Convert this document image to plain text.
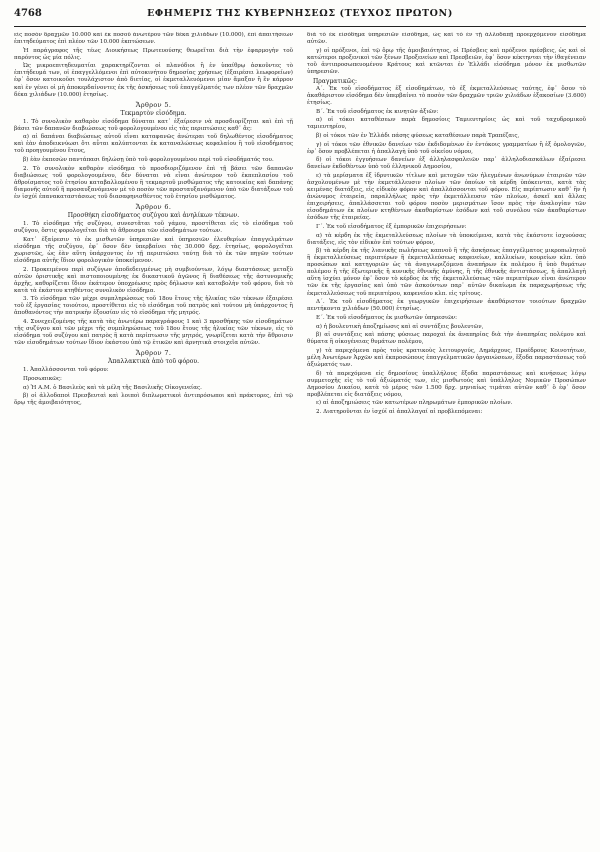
4768	ΕΦΗΜΕΡΙΣ ΤΗΣ ΚΥΒΕΡΝΗΣΕΩΣ (ΤΕΥΧΟΣ ΠΡΩΤΟΝ)

εἰς ποσὸν δραχμῶν 10.000 καὶ ἐκ ποσοῦ ἀνωτέρου τῶν δέκα χιλιάδων (10.000), ἐπὶ ἀπαιτήσεων ἐπιτηδεύματος ἐπὶ πλέον τῶν 10.000 ἐκπτώσεων.

Ἡ παράγραφος τῆς τέως Διοικήσεως Πρωτευούσης θεωρεῖται διὰ τὴν ἐφαρμογὴν τοῦ παρόντος ὡς μία πόλις.

Ὡς μικροεπιτηδευματίαι χαρακτηρίζονται οἱ πλανόδιοι ἢ ἐν ὑπαίθρῳ ἀσκοῦντες τὸ ἐπιτήδευμά των, οἱ ἐπαγγελλόμενοι ἐπὶ αὐτοκινήτου δημοσίας χρήσεως (ἐξαιρέσει λεωφορείων) ἐφ᾽ ὅσον κατοικοῦσι τουλάχιστον ἀπὸ διετίας, οἱ ἐκμεταλλευόμενοι μίαν ἄμαξαν ἢ ἓν κάρρον καὶ ἐν γένει οἱ μὴ ἀποκερδαίνοντες ἐκ τῆς ἀσκήσεως τοῦ ἐπαγγέλματός των πλέον τῶν δραχμῶν δέκα χιλιάδων (10.000) ἐτησίως.

Ἄρθρον 5.

Τεκμαρτὸν εἰσόδημα.

1. Τὸ συνολικὸν καθαρὸν εἰσόδημα δύναται κατ᾽ ἐξαίρεσιν νὰ προσδιορίζηται καὶ ἐπὶ τῇ βάσει τῶν δαπανῶν διαβιώσεως τοῦ φορολογουμένου εἰς τὰς περιπτώσεις καθ᾽ ἅς:

α) αἱ δαπάναι διαβιώσεως αὐτοῦ εἶναι καταφανῶς ἀνώτεραι τοῦ δηλωθέντος εἰσοδήματος καὶ ἐὰν ἀποδεικνύωσι ὅτι αὗται καλύπτονται ἐκ καταναλώσεως κεφαλαίου ἢ τοῦ εἰσοδήματος τοῦ προηγουμένου ἔτους,

β) ἐὰν ἐκπεσὼν παντάπασι δηλώσῃ ὑπὸ τοῦ φορολογουμένου περὶ τοῦ εἰσοδήματός του.

2. Τὸ συνολικὸν καθαρὸν εἰσόδημα τὸ προσδιοριζόμενον ἐπὶ τῇ βάσει τῶν δαπανῶν διαβιώσεως τοῦ φορολογουμένου, δὲν δύναται νὰ εἶναι ἀνώτερον τοῦ ἐκπεπλασίου τοῦ ἀθροίσματος τοῦ ἐτησίου καταβαλλομένου ἢ τεκμαρτοῦ μισθώματος τῆς κατοικίας καὶ δαπάνης διαμονῆς αὐτοῦ ἢ προσαυξανόμενον μὲ τὸ ποσὸν τῶν προσταυξανόμενον ὑπὸ τῶν διατάξεων τοῦ ἐν ἰσχύϊ ἐπανακαταστάσεως τοῦ διασαφηνισθέντος τοῦ ἐτησίου μισθώματος.

Ἄρθρον 6.

Προσθήκη εἰσοδήματος συζύγου καὶ ἀνηλίκων τέκνων.

1. Τὸ εἰσόδημα τῆς συζύγου, συνεστᾶται τοῦ γάμου, προστίθεται εἰς τὸ εἰσόδημα τοῦ συζύγου, ὅστις φορολογεῖται διὰ τὸ ἄθροισμα τῶν εἰσοδημάτων τούτων.

Κατ᾽ ἐξαίρεσιν τὸ ἐκ μισθωτῶν ὑπηρεσιῶν καὶ ὑπηρεσιῶν ἐλευθερίων ἐπαγγελμάτων εἰσόδημα τῆς συζύγου, ἐφ᾽ ὅσον δὲν ὑπερβαίνει τὰς 30.000 δρχ. ἐτησίως, φορολογεῖται χωριστῶς, ὡς ἐὰν αὕτη ὑπάρχοντος ἐν τῇ περιπτώσει ταύτῃ διὰ τὸ ἐκ τῶν πηγῶν τούτων εἰσόδημα αὐτῆς ἴδιον φορολογικὸν ὑποκείμενον.

2. Προκειμένου περὶ συζύγων ἀποδεδειγμένως μὴ συμβιούντων, λόγῳ διαστάσεως μεταξὺ αὐτῶν ὁριστικῆς καὶ πιστοποιουμένης ἐκ δικαστικοῦ ἀγῶνος ἢ διαθέσεως τῆς ἀστυνομικῆς ἀρχῆς, καθορίζεται ἴδιον ἑκάτερον ὑποχρέωσις πρὸς δήλωσιν καὶ καταβολὴν τοῦ φόρου, διὰ τὸ κατὰ τὰ ἐκάστου κτηθέντος συνολικὸν εἰσόδημα.

3. Τὸ εἰσόδημα τῶν μέχρι συμπληρώσεως τοῦ 18ου ἔτους τῆς ἡλικίας τῶν τέκνων ἐξαιρέσει τοῦ ἐξ ἐργασίας τοιούτου, προστίθεται εἰς τὸ εἰσόδημα τοῦ πατρὸς καὶ τούτου μὴ ὑπάρχοντος ἢ ἀποθανόντος τὴν πατρικὴν ἐξουσίαν εἰς τὸ εἰσόδημα τῆς μητρός.

4. Συνεχειζομένης τῆς κατὰ τὰς ἀνωτέρω παραγράφους 1 καὶ 3 προσθήκης τῶν εἰσοδημάτων τῆς συζύγου καὶ τῶν μέχρι τῆς συμπληρώσεως τοῦ 18ου ἔτους τῆς ἡλικίας τῶν τέκνων, εἰς τὸ εἰσόδημα τοῦ συζύγου καὶ πατρὸς ἢ κατὰ περίπτωσιν τῆς μητρός, γνωρίζεται κατὰ τὴν ἄθροισιν τῶν εἰσοδημάτων τούτων ἴδιον ἑκάστου ὑπὸ τῷ ἑτικῶν καὶ ἀρνητικὰ στοιχεῖα αὐτῶν.

Ἄρθρον 7.

Ἀπαλλακτικὰ ἀπὸ τοῦ φόρου.

1. Ἀπαλλάσσονται τοῦ φόρου:

Προσωπικῶς:

α) Ἡ Α.Μ. ὁ Βασιλεὺς καὶ τὰ μέλη τῆς Βασιλικῆς Οἰκογενείας.

β) οἱ ἀλλοδαποὶ Πρεσβευταὶ καὶ λοιποὶ διπλωματικοὶ ἀντιπρόσωποι καὶ πράκτορες, ἐπὶ τῷ ὅρῳ τῆς ἀμοιβαιότητος,

διὰ τὸ ἐκ εἰσόδημα ὑπηρεσιῶν εἰσόδημα, ὡς καὶ τὸ ἐν τῇ ἀλλοδαπῇ προερχόμενον εἰσόδημα αὐτῶν.

γ) οἱ πρόξενοι, ἐπὶ τῷ ὅρῳ τῆς ἀμοιβαιότητος, οἱ Πρέσβεις καὶ πρόξενοι πρέσβεις, ὡς καὶ οἱ κατώτεροι προξενικοὶ τῶν ξένων Προξενείων καὶ Πρεσβειῶν, ἐφ᾽ ὅσον κέκτηνται τὴν ἰθαγένειαν τοῦ ἀντιπροσωπευομένου Κράτους καὶ κτῶνται ἐν Ἑλλάδι εἰσόδημα μόνον ἐκ μισθωτῶν ὑπηρεσιῶν.

Πραγματικῶς:

Α΄. Ἐκ τοῦ εἰσοδήματος ἐξ εἰσοδημάτων, τὸ ἐξ ἐκμεταλλεύσεως ταύτης, ἐφ᾽ ὅσον τὸ ἀκαθάριστον εἰσόδημα δὲν ὑπερβαίνει τὸ ποσὸν τῶν δραχμῶν τριῶν χιλιάδων ἑξακοσίων (3.600) ἐτησίως.

Β΄. Ἐκ τοῦ εἰσοδήματος ἐκ κινητῶν ἀξιῶν:

α) οἱ τόκοι καταθέσεων παρὰ δημοσίοις Ταμιευτηρίοις ὡς καὶ τοῦ ταχυδρομικοῦ ταμιευτηρίου,

β) οἱ τόκοι τῶν ἐν Ἑλλάδι πάσης φύσεως καταθέσεων παρὰ Τραπέζαις,

γ) οἱ τόκοι τῶν ἐθνικῶν δανείων τῶν ἐκδιδομένων ἐν ἐντόκοις γραμματίων ἢ ἐξ ὁμολογιῶν, ἐφ᾽ ὅσον προβλέπεται ἡ ἀπαλλαγὴ ὑπὸ τοῦ οἰκείου νόμου,

δ) οἱ τόκοι ἐγγυήσεων δανείων ἐξ ἀλληλασφαλειῶν παρ᾽ ἀλληλοδιασκάλων ἐξαίρεσει δανείων ἐκδοθέντων ὑπὸ τοῦ ἐλληνικοῦ Δημοσίου,

ε) τὰ μερίσματα ἐξ ἰδρυτικῶν τίτλων καὶ μετοχῶν τῶν ἠλεγμένων ἀνωνύμων ἑταιριῶν τῶν ἀσχολουμένων μὲ τὴν ἐκμετάλλευσιν πλοίων τῶν ὁποίων τὰ κέρδη ὑπόκεινται, κατὰ τὰς κειμένας διατάξεις, εἰς εἰδικὸν φόρον καὶ ἀπαλλάσσονται τοῦ φόρου. Εἰς περίπτωσιν καθ᾽ ἣν ἡ ἀνώνυμος ἑταιρεία, παραλλήλως πρὸς τὴν ἐκμετάλλευσιν τῶν πλοίων, ἀσκεῖ καὶ ἄλλας ἐπιχειρήσεις, ἀπαλλάσσεται τοῦ φόρου ποσὸν μερισμάτων ἴσον πρὸς τὴν ἀναλογίαν τῶν εἰσοδημάτων ἐκ πλοίων κτηθέντων ἀκαθαρίστων ἐσόδων καὶ τοῦ συνόλου τῶν ἀκαθαρίστων ἐσόδων τῆς ἑταιρείας.

Γ΄. Ἐκ τοῦ εἰσοδήματος ἐξ ἐμπορικῶν ἐπιχειρήσεων:

α) τὰ κέρδη ἐκ τῆς ἐκμεταλλεύσεως πλοίων τὰ ὑποκείμενα, κατὰ τὰς ἐκάστοτε ἰσχυούσας διατάξεις, εἰς τὸν εἰδικὸν ἐπὶ τούτων φόρον,

β) τὰ κέρδη ἐκ τῆς λιανικῆς πωλήσεως καπνοῦ ἢ τῆς ἀσκήσεως ἐπαγγέλματος μικροπωλητοῦ ἢ ἐκμεταλλεύσεως περιπτέρων ἢ ἐκμεταλλεύσεως καφενείων, καλλικίων, κουρείων κλπ. ὑπὸ προσώπων καὶ κατηγοριῶν ὡς τὰ ἀναγνωριζόμενα ἀναπήρων ἐκ πολέμου ἢ ὑπὸ θυμάτων πολέμου ἢ τῆς ἐξωτερικῆς ἢ κυνικῆς ἐθνικῆς ἀμύνης, ἢ τῆς ἐθνικῆς ἀντιστάσεως, ἡ ἀπαλλαγὴ αὕτη ἰσχύει μόνον ἐφ᾽ ὅσον τὸ κέρδος ἐκ τῆς ἐκμεταλλεύσεως τῶν περιπτέρων εἶναι ἀνώτερον τῶν ἐκ τῆς ἐργασίας καὶ ὑπὸ τῶν ἀσκούντων παρ᾽ αὐτῶν δικαίωμα ἐκ παραχωρήσεως τῆς ἐκμεταλλεύσεως τοῦ περιπτέρου, καφενείου κλπ. εἰς τρίτους.

Δ΄. Ἐκ τοῦ εἰσοδήματος ἐκ γεωργικῶν ἐπιχειρήσεων ἀκαθάριστον τοιούτων δραχμῶν πεντήκοντα χιλιάδων (50.000) ἐτησίως.

Ε΄. Ἐκ τοῦ εἰσοδήματος ἐκ μισθωτῶν ὑπηρεσιῶν:

α) ἡ βουλευτικὴ ἀποζημίωσις καὶ αἱ συντάξεις βουλευτῶν,

β) αἱ συντάξεις καὶ πάσης φύσεως παροχαὶ ἐκ ἀναπηρίας διὰ τὴν ἀναπηρίας πολέμου καὶ θύματα ἢ οἰκογένειας θυμάτων πολέμου,

γ) τὰ παρεχόμενα πρὸς τοὺς κρατικοὺς λειτουργούς, Δημάρχους, Προέδρους Κοινοτήτων, μέλη Ἀνωτέρων Ἀρχῶν καὶ ἐκπροσώπους ἐπαγγελματικῶν ὀργανώσεων, ἔξοδα παραστάσεως τοῦ ἀξιώματός των.

δ) τὰ παρεχόμενα εἰς δημοσίους ὑπαλλήλους ἔξοδα παραστάσεως καὶ κινήσεως λόγῳ συμμετοχῆς εἰς τὸ τοῦ ἀξιώματός των, εἰς μισθωτούς καὶ ὑπάλληλος Νομικῶν Προσώπων Δημοσίου Δικαίου, κατὰ τὸ μέρος τῶν 1.500 δρχ. μηνιαίως τιμάται αὐτῶν καθ᾽ ὃ ἐφ᾽ ὅσον προβλέπεται εἰς διατάξεις νόμου,

ε) αἱ ἀποζημιώσεις τῶν κατωτέρων πληρωμάτων ἐμπορικῶν πλοίων.

2. Διατηροῦνται ἐν ἰσχύϊ αἱ ἀπαλλαγαί αἱ προβλεπόμεναι:
